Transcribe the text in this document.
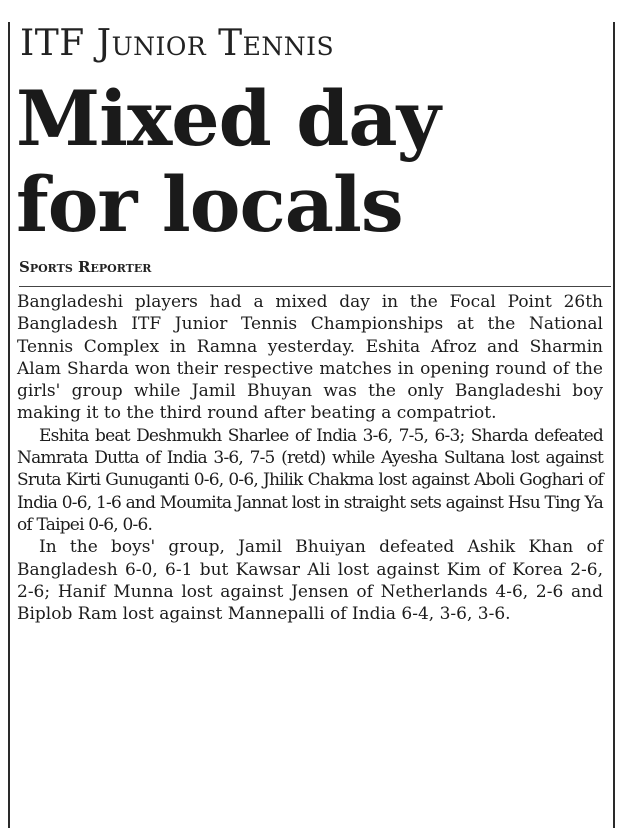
ITF Junior Tennis
Mixed day
for locals
Sports Reporter

Bangladeshi players had a mixed day in the Focal Point 26th Bangladesh ITF Junior Tennis Championships at the National Tennis Complex in Ramna yesterday. Eshita Afroz and Sharmin Alam Sharda won their respective matches in opening round of the girls' group while Jamil Bhuyan was the only Bangladeshi boy making it to the third round after beating a compatriot.

Eshita beat Deshmukh Sharlee of India 3-6, 7-5, 6-3; Sharda defeated Namrata Dutta of India 3-6, 7-5 (retd) while Ayesha Sultana lost against Sruta Kirti Gunuganti 0-6, 0-6, Jhilik Chakma lost against Aboli Goghari of India 0-6, 1-6 and Moumita Jannat lost in straight sets against Hsu Ting Ya of Taipei 0-6, 0-6.

In the boys' group, Jamil Bhuiyan defeated Ashik Khan of Bangladesh 6-0, 6-1 but Kawsar Ali lost against Kim of Korea 2-6, 2-6; Hanif Munna lost against Jensen of Netherlands 4-6, 2-6 and Biplob Ram lost against Mannepalli of India 6-4, 3-6, 3-6.
